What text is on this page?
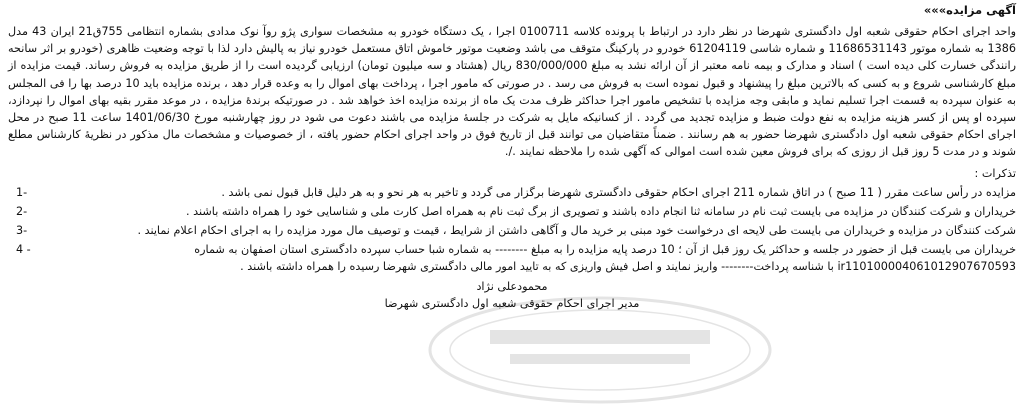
آگهی مزایده»»»

واحد اجرای احکام حقوقی شعبه اول دادگستری شهرضا در نظر دارد در ارتباط با پرونده کلاسه 0100711 اجرا ، یک دستگاه خودرو به مشخصات سواری پژو روآ نوک مدادی بشماره انتظامی 755ق21 ایران 43 مدل 1386 به شماره موتور 11686531143 و شماره شاسی 61204119 خودرو در پارکینگ متوقف می باشد وضعیت موتور خاموش اتاق مستعمل خودرو نیاز به پالیش دارد لذا با توجه وضعیت ظاهری (خودرو بر اثر سانحه رانندگی خسارت کلی دیده است ) اسناد و مدارک و بیمه نامه معتبر از آن ارائه نشد به مبلغ 830/000/000 ریال (هشتاد و سه میلیون تومان) ارزیابی گردیده است را از طریق مزایده به فروش رساند. قیمت مزایده از مبلغ کارشناسی شروع و به کسی که بالاترین مبلغ را پیشنهاد و قبول نموده است به فروش می رسد . در صورتی که مامور اجرا ، پرداخت بهای اموال را به وعده قرار دهد ، برنده مزایده باید 10 درصد بها را فی المجلس به عنوان سپرده به قسمت اجرا تسلیم نماید و مابقی وجه مزایده با تشخیص مامور اجرا حداکثر ظرف مدت یک ماه از برنده مزایده اخذ خواهد شد . در صورتیکه برندهٔ مزایده ، در موعد مقرر بقیه بهای اموال را نپردازد، سپرده او پس از کسر هزینه مزایده به نفع دولت ضبط و مزایده تجدید می گردد . از کسانیکه مایل به شرکت در جلسهٔ مزایده می باشند دعوت می شود در روز چهارشنبه مورخ 1401/06/30 ساعت 11 صبح در محل اجرای احکام حقوقی شعبه اول دادگستری شهرضا حضور به هم رسانند . ضمناً متقاضیان می توانند قبل از تاریخ فوق در واحد اجرای احکام حضور یافته ، از خصوصیات و مشخصات مال مذکور در نظریهٔ کارشناس مطلع شوند و در مدت 5 روز قبل از روزی که برای فروش معین شده است اموالی که آگهی شده را ملاحظه نمایند ./.

تذکرات :
مزایده در رأس ساعت مقرر ( 11 صبح ) در اتاق شماره 211 اجرای احکام حقوقی دادگستری شهرضا برگزار می گردد و تاخیر به هر نحو و به هر دلیل قابل قبول نمی باشد .
1-
خریداران و شرکت کنندگان در مزایده می بایست ثبت نام در سامانه ثنا انجام داده باشند و تصویری از برگ ثبت نام به همراه اصل کارت ملی و شناسایی خود را همراه داشته باشند .
2-
شرکت کنندگان در مزایده و خریداران می بایست طی لایحه ای درخواست خود مبنی بر خرید مال و آگاهی داشتن از شرایط ، قیمت و توصیف مال مورد مزایده را به اجرای احکام اعلام نمایند .
3-
خریداران می بایست قبل از حضور در جلسه و حداکثر یک روز قبل از آن ؛ 10 درصد پایه مزایده را به مبلغ -------- به شماره شبا حساب سپرده دادگستری استان اصفهان به شماره ir110100004061012907670593 با شناسه پرداخت-------- واریز نمایند و اصل فیش واریزی که به تایید امور مالی دادگستری شهرضا رسیده را همراه داشته باشند .
4 -
محمودعلی نژاد
مدیر اجرای احکام حقوقی شعبه اول دادگستری شهرضا
